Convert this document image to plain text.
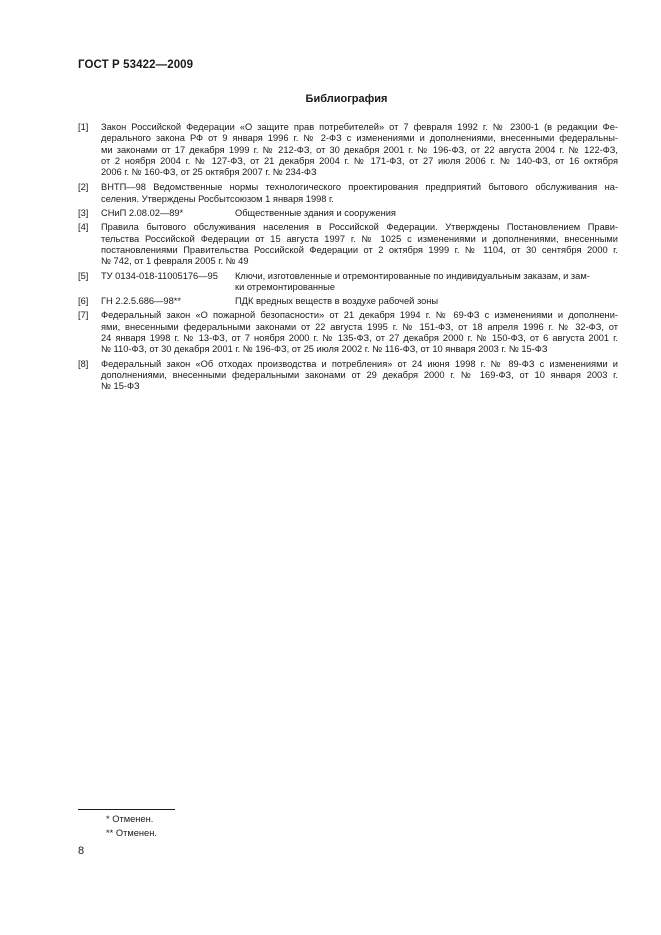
ГОСТ Р 53422—2009
Библиография
[1] Закон Российской Федерации «О защите прав потребителей» от 7 февраля 1992 г. № 2300-1 (в редакции Фе-
дерального закона РФ от 9 января 1996 г. № 2-ФЗ с изменениями и дополнениями, внесенными федеральны-
ми законами от 17 декабря 1999 г. № 212-ФЗ, от 30 декабря 2001 г. № 196-ФЗ, от 22 августа 2004 г. № 122-ФЗ,
от 2 ноября 2004 г. № 127-ФЗ, от 21 декабря 2004 г. № 171-ФЗ, от 27 июля 2006 г. № 140-ФЗ, от 16 октября
2006 г. № 160-ФЗ, от 25 октября 2007 г. № 234-ФЗ
[2] ВНТП—98 Ведомственные нормы технологического проектирования предприятий бытового обслуживания на-
селения. Утверждены Росбытсоюзом 1 января 1998 г.
[3] СНиП 2.08.02—89*	Общественные здания и сооружения
[4] Правила бытового обслуживания населения в Российской Федерации. Утверждены Постановлением Прави-
тельства Российской Федерации от 15 августа 1997 г. № 1025 с изменениями и дополнениями, внесенными
постановлениями Правительства Российской Федерации от 2 октября 1999 г. № 1104, от 30 сентября 2000 г.
№ 742, от 1 февраля 2005 г. № 49
[5] ТУ 0134-018-11005176—95 Ключи, изготовленные и отремонтированные по индивидуальным заказам, и зам-
ки отремонтированные
[6] ГН 2.2.5.686—98**	ПДК вредных веществ в воздухе рабочей зоны
[7] Федеральный закон «О пожарной безопасности» от 21 декабря 1994 г. № 69-ФЗ с изменениями и дополнени-
ями, внесенными федеральными законами от 22 августа 1995 г. № 151-ФЗ, от 18 апреля 1996 г. № 32-ФЗ, от
24 января 1998 г. № 13-ФЗ, от 7 ноября 2000 г. № 135-ФЗ, от 27 декабря 2000 г. № 150-ФЗ, от 6 августа 2001 г.
№ 110-ФЗ, от 30 декабря 2001 г. № 196-ФЗ, от 25 июля 2002 г. № 116-ФЗ, от 10 января 2003 г. № 15-ФЗ
[8] Федеральный закон «Об отходах производства и потребления» от 24 июня 1998 г. № 89-ФЗ с изменениями и
дополнениями, внесенными федеральными законами от 29 декабря 2000 г. № 169-ФЗ, от 10 января 2003 г.
№ 15-ФЗ
* Отменен.
** Отменен.
8
